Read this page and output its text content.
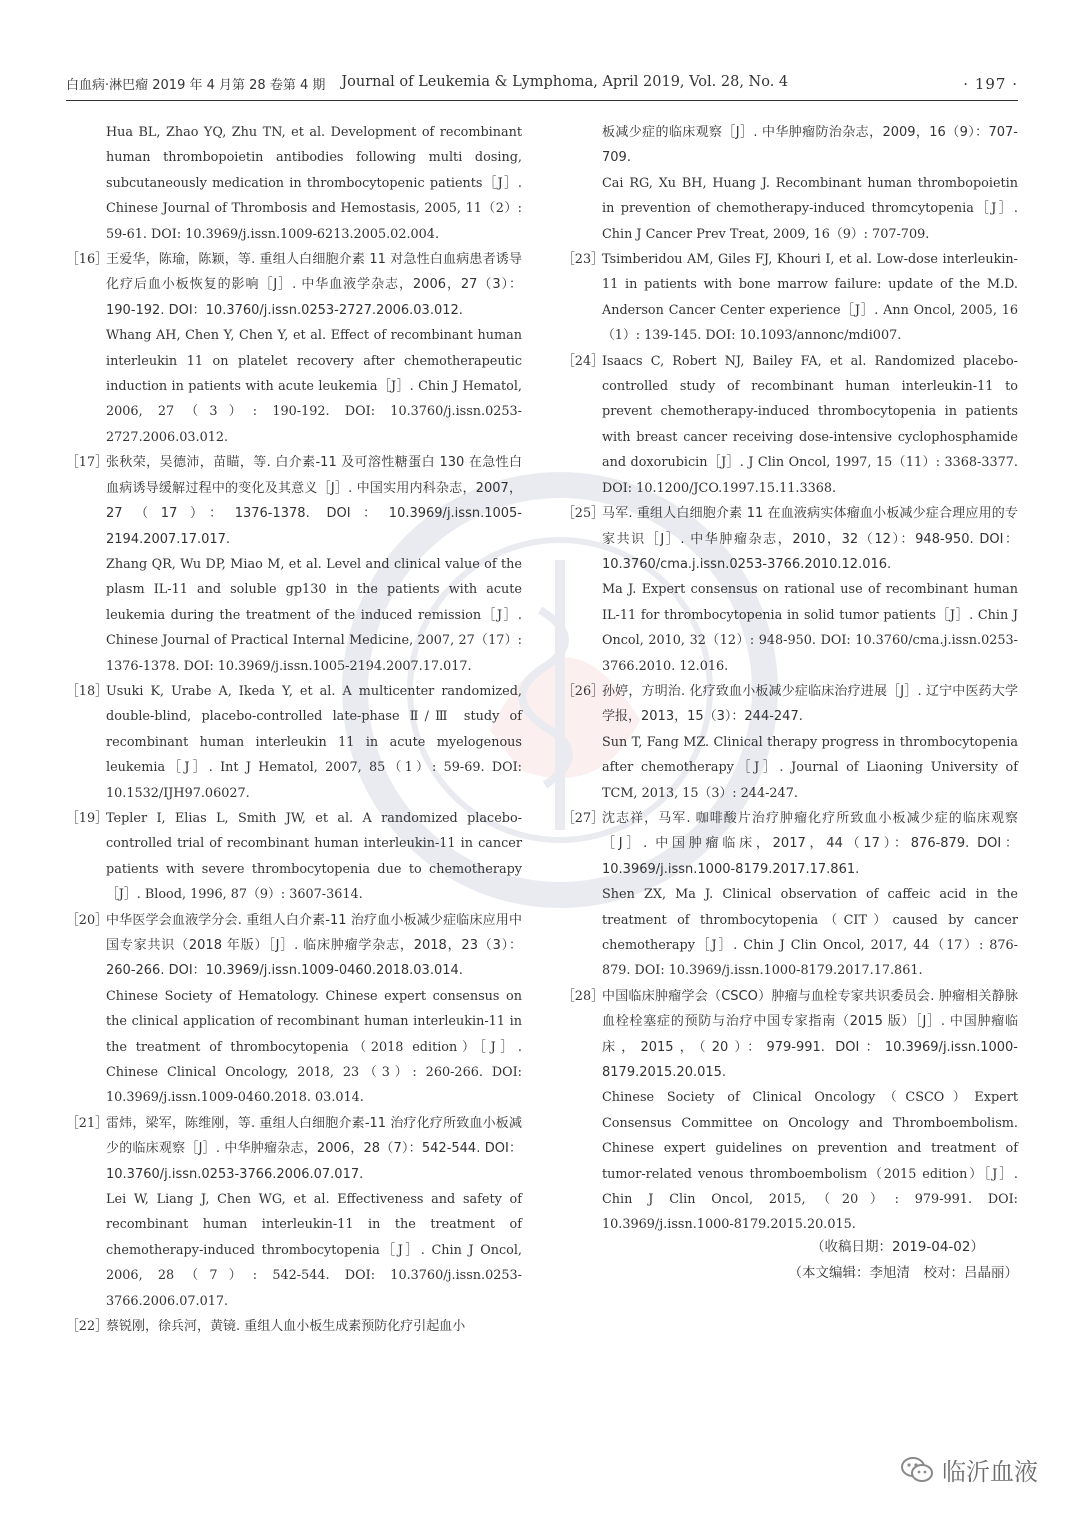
白血病·淋巴瘤 2019 年 4 月第 28 卷第 4 期 Journal of Leukemia & Lymphoma, April 2019, Vol. 28, No. 4	· 197 ·

Hua BL, Zhao YQ, Zhu TN, et al. Development of recombinant human thrombopoietin antibodies following multi dosing, subcutaneously medication in thrombocytopenic patients［J］. Chinese Journal of Thrombosis and Hemostasis, 2005, 11（2）: 59-61. DOI: 10.3969/j.issn.1009-6213.2005.02.004.

［16］

王爱华，陈瑜，陈颖，等. 重组人白细胞介素 11 对急性白血病患者诱导化疗后血小板恢复的影响［J］. 中华血液学杂志，2006，27（3）：190-192. DOI：10.3760/j.issn.0253-2727.2006.03.012.

Whang AH, Chen Y, Chen Y, et al. Effect of recombinant human interleukin 11 on platelet recovery after chemotherapeutic induction in patients with acute leukemia［J］. Chin J Hematol, 2006, 27（3）: 190-192. DOI: 10.3760/j.issn.0253-2727.2006.03.012.

［17］

张秋荣，吴德沛，苗瞄，等. 白介素-11 及可溶性糖蛋白 130 在急性白血病诱导缓解过程中的变化及其意义［J］. 中国实用内科杂志，2007，27（17）：1376-1378. DOI：10.3969/j.issn.1005-2194.2007.17.017.

Zhang QR, Wu DP, Miao M, et al. Level and clinical value of the plasm IL-11 and soluble gp130 in the patients with acute leukemia during the treatment of the induced remission［J］. Chinese Journal of Practical Internal Medicine, 2007, 27（17）: 1376-1378. DOI: 10.3969/j.issn.1005-2194.2007.17.017.

［18］

Usuki K, Urabe A, Ikeda Y, et al. A multicenter randomized, double-blind, placebo-controlled late-phase Ⅱ/Ⅲ study of recombinant human interleukin 11 in acute myelogenous leukemia［J］. Int J Hematol, 2007, 85（1）: 59-69. DOI: 10.1532/IJH97.06027.

［19］

Tepler I, Elias L, Smith JW, et al. A randomized placebo-controlled trial of recombinant human interleukin-11 in cancer patients with severe thrombocytopenia due to chemotherapy［J］. Blood, 1996, 87（9）: 3607-3614.

［20］

中华医学会血液学分会. 重组人白介素-11 治疗血小板减少症临床应用中国专家共识（2018 年版）［J］. 临床肿瘤学杂志，2018，23（3）：260-266. DOI：10.3969/j.issn.1009-0460.2018.03.014.

Chinese Society of Hematology. Chinese expert consensus on the clinical application of recombinant human interleukin-11 in the treatment of thrombocytopenia（2018 edition）［J］. Chinese Clinical Oncology, 2018, 23（3）: 260-266. DOI: 10.3969/j.issn.1009-0460.2018. 03.014.

［21］

雷炜，梁军，陈维刚，等. 重组人白细胞介素-11 治疗化疗所致血小板减少的临床观察［J］. 中华肿瘤杂志，2006，28（7）：542-544. DOI：10.3760/j.issn.0253-3766.2006.07.017.

Lei W, Liang J, Chen WG, et al. Effectiveness and safety of recombinant human interleukin-11 in the treatment of chemotherapy-induced thrombocytopenia［J］. Chin J Oncol, 2006, 28（7）: 542-544. DOI: 10.3760/j.issn.0253-3766.2006.07.017.

［22］

蔡锐刚，徐兵河，黄镜. 重组人血小板生成素预防化疗引起血小

板减少症的临床观察［J］. 中华肿瘤防治杂志，2009，16（9）：707-709.

Cai RG, Xu BH, Huang J. Recombinant human thrombopoietin in prevention of chemotherapy-induced thromcytopenia［J］. Chin J Cancer Prev Treat, 2009, 16（9）: 707-709.

［23］

Tsimberidou AM, Giles FJ, Khouri I, et al. Low-dose interleukin-11 in patients with bone marrow failure: update of the M.D. Anderson Cancer Center experience［J］. Ann Oncol, 2005, 16（1）: 139-145. DOI: 10.1093/annonc/mdi007.

［24］

Isaacs C, Robert NJ, Bailey FA, et al. Randomized placebo-controlled study of recombinant human interleukin-11 to prevent chemotherapy-induced thrombocytopenia in patients with breast cancer receiving dose-intensive cyclophosphamide and doxorubicin［J］. J Clin Oncol, 1997, 15（11）: 3368-3377. DOI: 10.1200/JCO.1997.15.11.3368.

［25］

马军. 重组人白细胞介素 11 在血液病实体瘤血小板减少症合理应用的专家共识［J］. 中华肿瘤杂志，2010，32（12）：948-950. DOI：10.3760/cma.j.issn.0253-3766.2010.12.016.

Ma J. Expert consensus on rational use of recombinant human IL-11 for thrombocytopenia in solid tumor patients［J］. Chin J Oncol, 2010, 32（12）: 948-950. DOI: 10.3760/cma.j.issn.0253-3766.2010. 12.016.

［26］

孙婷，方明治. 化疗致血小板减少症临床治疗进展［J］. 辽宁中医药大学学报，2013，15（3）：244-247.

Sun T, Fang MZ. Clinical therapy progress in thrombocytopenia after chemotherapy［J］. Journal of Liaoning University of TCM, 2013, 15（3）: 244-247.

［27］

沈志祥，马军. 咖啡酸片治疗肿瘤化疗所致血小板减少症的临床观察［J］. 中国肿瘤临床，2017，44（17）：876-879. DOI：10.3969/j.issn.1000-8179.2017.17.861.

Shen ZX, Ma J. Clinical observation of caffeic acid in the treatment of thrombocytopenia（CIT）caused by cancer chemotherapy［J］. Chin J Clin Oncol, 2017, 44（17）: 876-879. DOI: 10.3969/j.issn.1000-8179.2017.17.861.

［28］

中国临床肿瘤学会（CSCO）肿瘤与血栓专家共识委员会. 肿瘤相关静脉血栓栓塞症的预防与治疗中国专家指南（2015 版）［J］. 中国肿瘤临床，2015，（20）：979-991. DOI：10.3969/j.issn.1000-8179.2015.20.015.

Chinese Society of Clinical Oncology（CSCO）Expert Consensus Committee on Oncology and Thromboembolism. Chinese expert guidelines on prevention and treatment of tumor-related venous thromboembolism（2015 edition）［J］. Chin J Clin Oncol, 2015,（20）: 979-991. DOI: 10.3969/j.issn.1000-8179.2015.20.015.

（收稿日期：2019-04-02）
（本文编辑：李旭清　校对：吕晶丽）
临沂血液
